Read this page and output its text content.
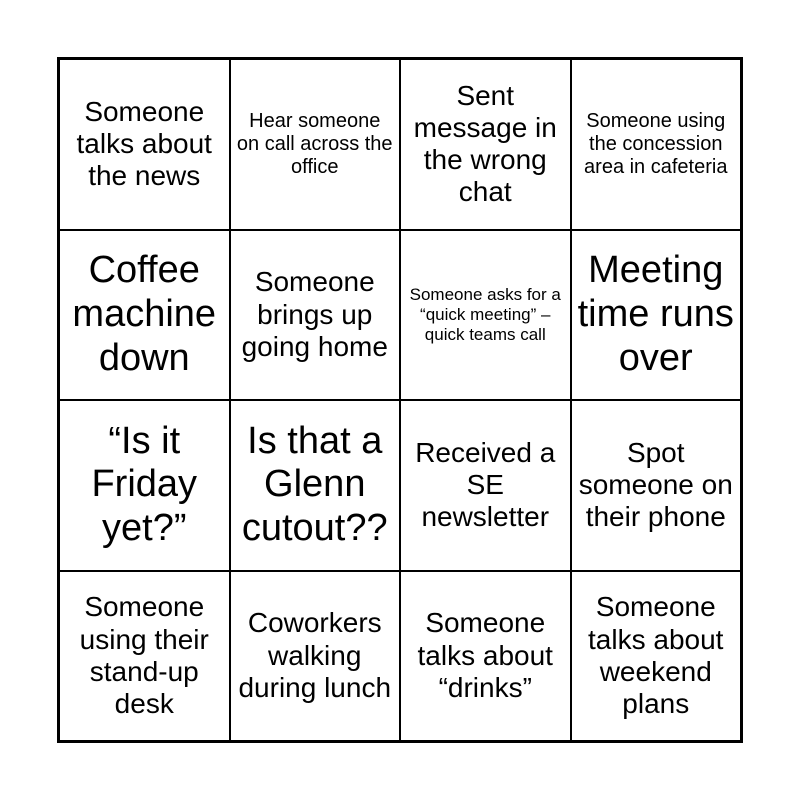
Someone talks about the news
Hear someone on call across the office
Sent message in the wrong chat
Someone using the concession area in cafeteria
Coffee machine down
Someone brings up going home
Someone asks for a “quick meeting” – quick teams call
Meeting time runs over
“Is it Friday yet?”
Is that a Glenn cutout??
Received a SE newsletter
Spot someone on their phone
Someone using their stand-up desk
Coworkers walking during lunch
Someone talks about “drinks”
Someone talks about weekend plans
